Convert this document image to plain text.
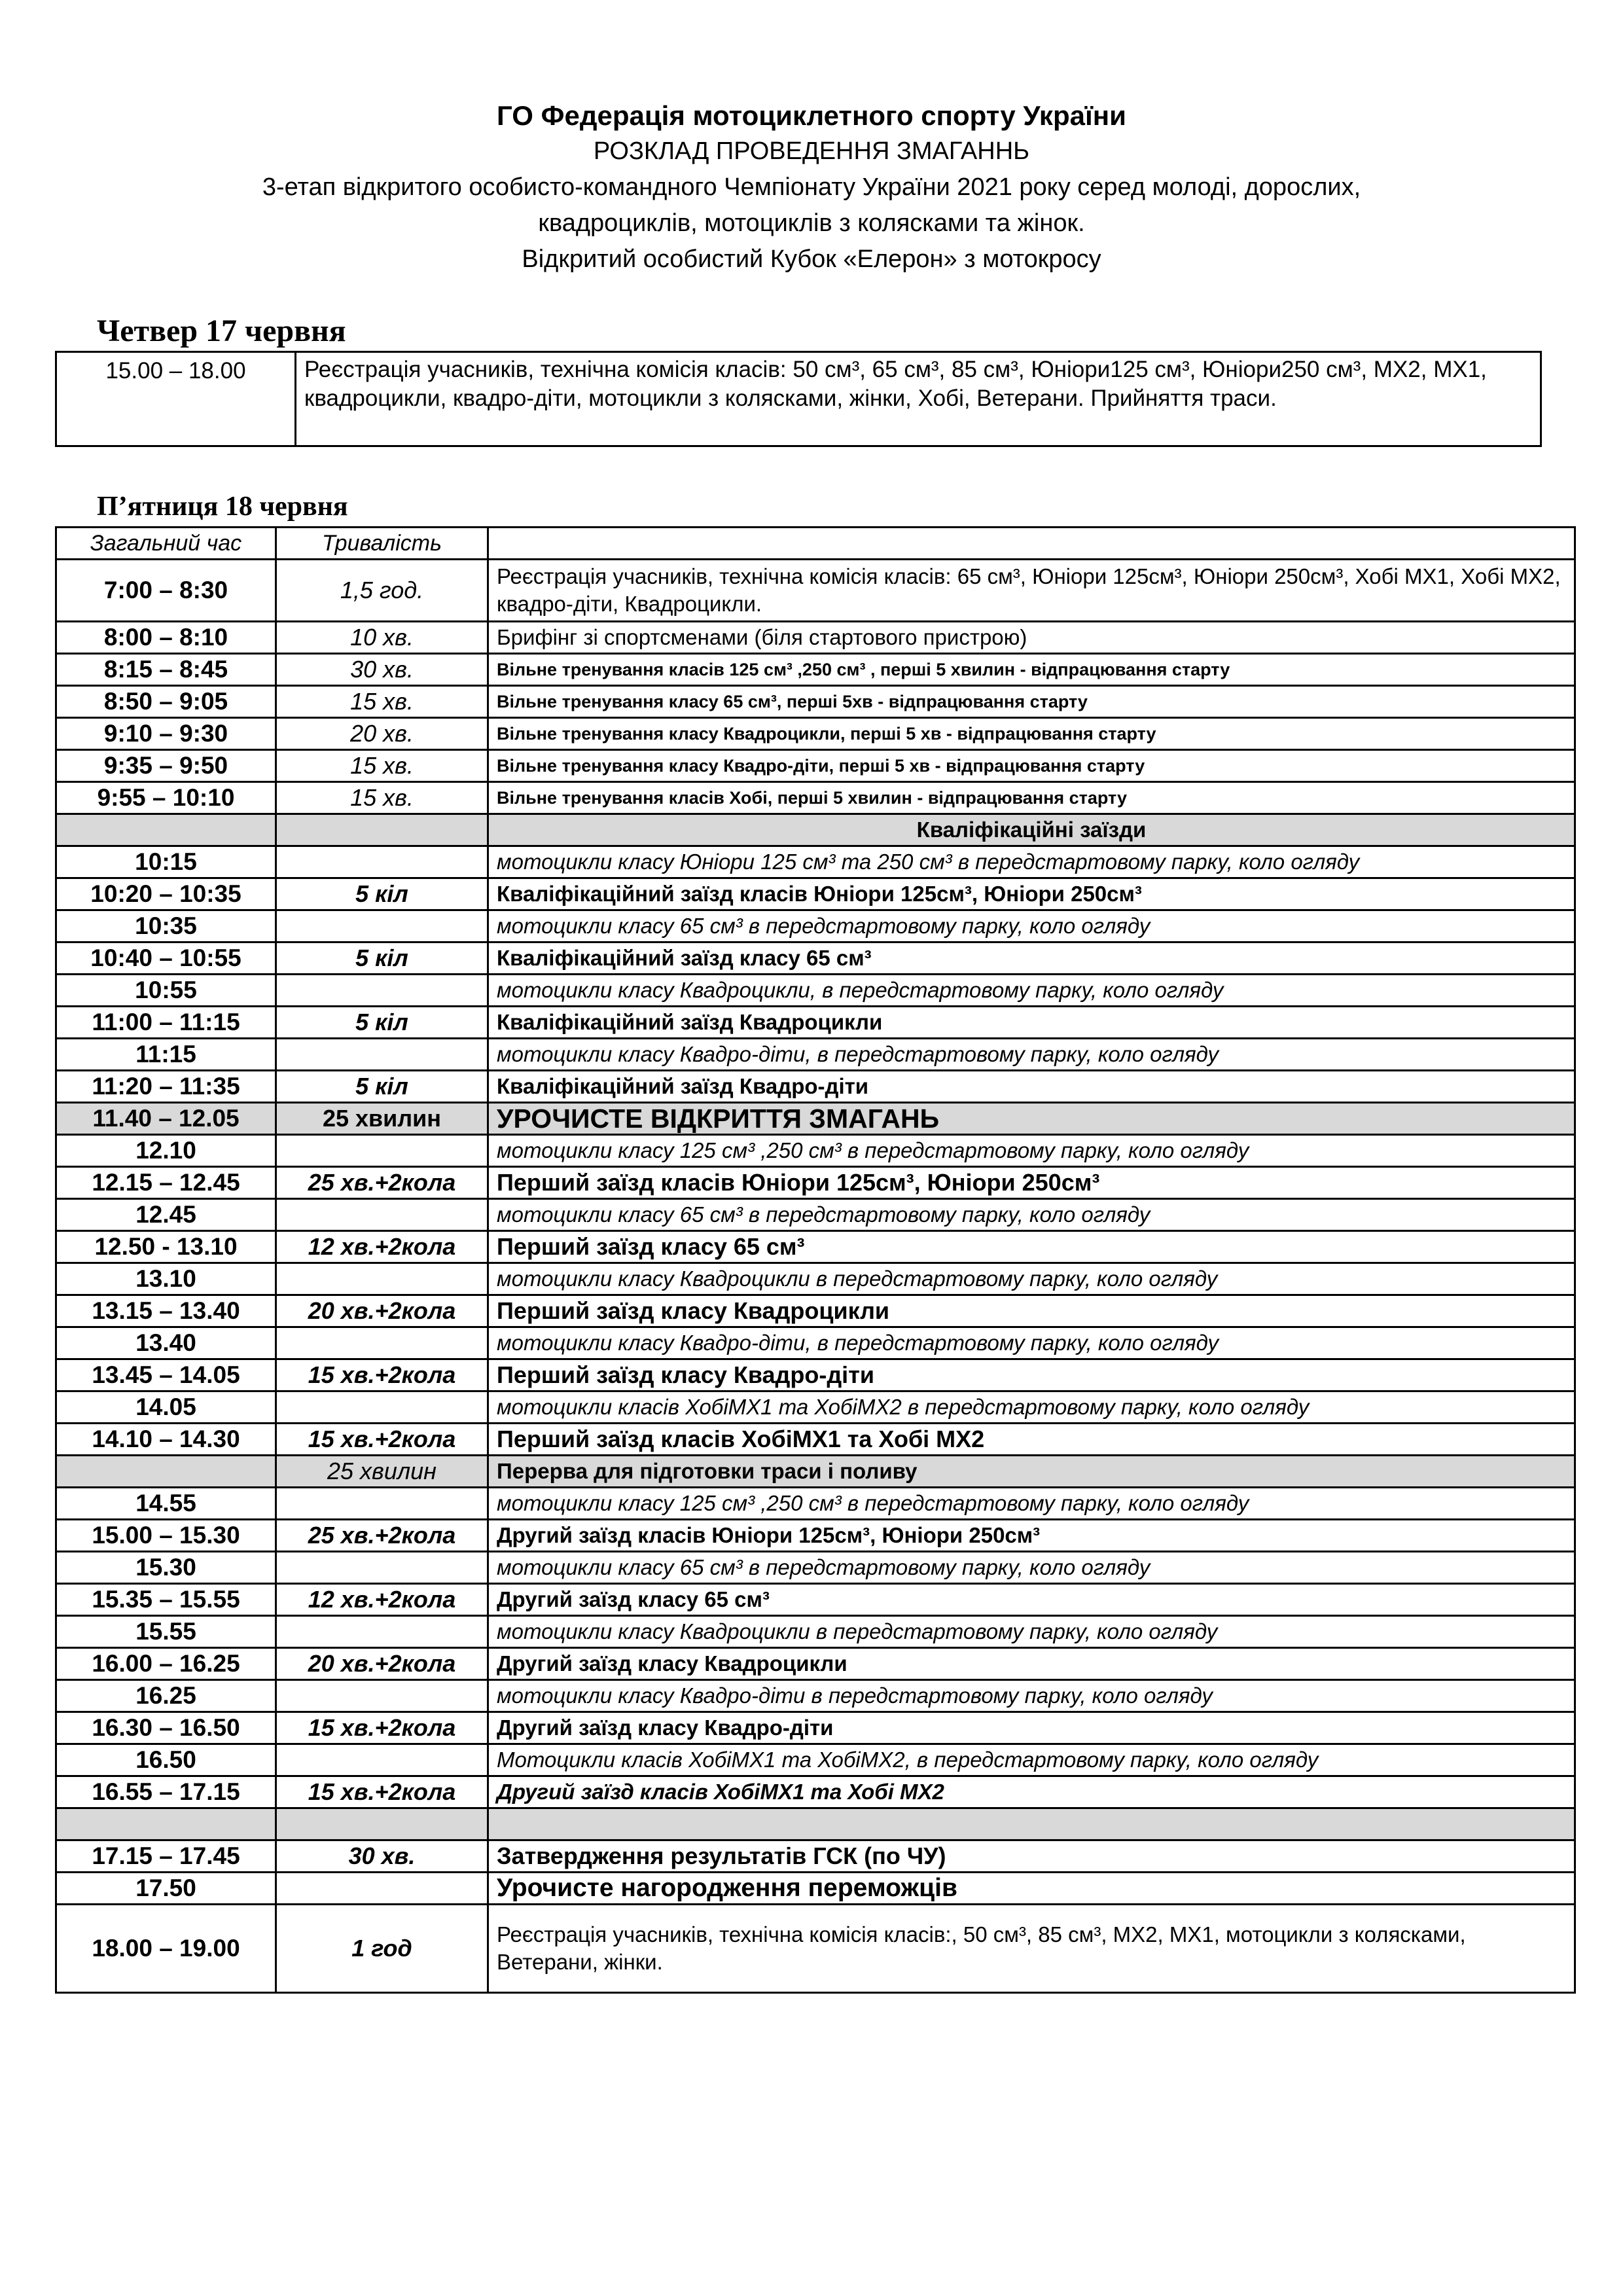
ГО Федерація мотоциклетного спорту України
РОЗКЛАД ПРОВЕДЕННЯ ЗМАГАННЬ
3-етап відкритого особисто-командного Чемпіонату України 2021 року серед молоді, дорослих,
квадроциклів, мотоциклів з колясками та жінок.
Відкритий особистий Кубок «Елерон» з мотокросу
Четвер 17 червня
15.00 – 18.00	Реєстрація учасників, технічна комісія класів: 50 см³, 65 см³, 85 см³, Юніори125 см³, Юніори250 см³, МХ2, МХ1, квадроцикли, квадро-діти, мотоцикли з колясками, жінки, Хобі, Ветерани. Прийняття траси.
П’ятниця 18 червня
Загальний час	Тривалість	
7:00 – 8:30	1,5 год.	Реєстрація учасників, технічна комісія класів: 65 см³, Юніори 125см³, Юніори 250см³, Хобі МХ1, Хобі МХ2, квадро-діти, Квадроцикли.
8:00 – 8:10	10 хв.	Брифінг зі спортсменами (біля стартового пристрою)
8:15 – 8:45	30 хв.	Вільне тренування класів 125 см³ ,250 см³ , перші 5 хвилин - відпрацювання старту
8:50 – 9:05	15 хв.	Вільне тренування класу 65 см³, перші 5хв - відпрацювання старту
9:10 – 9:30	20 хв.	Вільне тренування класу Квадроцикли, перші 5 хв - відпрацювання старту
9:35 – 9:50	15 хв.	Вільне тренування класу Квадро-діти, перші 5 хв - відпрацювання старту
9:55 – 10:10	15 хв.	Вільне тренування класів Хобі, перші 5 хвилин - відпрацювання старту
		Кваліфікаційні заїзди
10:15		мотоцикли класу Юніори 125 см³ та 250 см³ в передстартовому парку, коло огляду
10:20 – 10:35	5 кіл	Кваліфікаційний заїзд класів Юніори 125см³, Юніори 250см³
10:35		мотоцикли класу 65 см³ в передстартовому парку, коло огляду
10:40 – 10:55	5 кіл	Кваліфікаційний заїзд класу 65 см³
10:55		мотоцикли класу Квадроцикли, в передстартовому парку, коло огляду
11:00 – 11:15	5 кіл	Кваліфікаційний заїзд Квадроцикли
11:15		мотоцикли класу Квадро-діти, в передстартовому парку, коло огляду
11:20 – 11:35	5 кіл	Кваліфікаційний заїзд Квадро-діти
11.40 – 12.05	25 хвилин	УРОЧИСТЕ ВІДКРИТТЯ ЗМАГАНЬ
12.10		мотоцикли класу 125 см³ ,250 см³ в передстартовому парку, коло огляду
12.15 – 12.45	25 хв.+2кола	Перший заїзд класів Юніори 125см³, Юніори 250см³
12.45		мотоцикли класу 65 см³ в передстартовому парку, коло огляду
12.50 - 13.10	12 хв.+2кола	Перший заїзд класу 65 см³
13.10		мотоцикли класу Квадроцикли в передстартовому парку, коло огляду
13.15 – 13.40	20 хв.+2кола	Перший заїзд класу Квадроцикли
13.40		мотоцикли класу Квадро-діти, в передстартовому парку, коло огляду
13.45 – 14.05	15 хв.+2кола	Перший заїзд класу Квадро-діти
14.05		мотоцикли класів ХобіМХ1 та ХобіМХ2 в передстартовому парку, коло огляду
14.10 – 14.30	15 хв.+2кола	Перший заїзд класів ХобіМХ1 та Хобі МХ2
	25 хвилин	Перерва для підготовки траси і поливу
14.55		мотоцикли класу 125 см³ ,250 см³ в передстартовому парку, коло огляду
15.00 – 15.30	25 хв.+2кола	Другий заїзд класів Юніори 125см³, Юніори 250см³
15.30		мотоцикли класу 65 см³ в передстартовому парку, коло огляду
15.35 – 15.55	12 хв.+2кола	Другий заїзд класу 65 см³
15.55		мотоцикли класу Квадроцикли в передстартовому парку, коло огляду
16.00 – 16.25	20 хв.+2кола	Другий заїзд класу Квадроцикли
16.25		мотоцикли класу Квадро-діти в передстартовому парку, коло огляду
16.30 – 16.50	15 хв.+2кола	Другий заїзд класу Квадро-діти
16.50		Мотоцикли класів ХобіМХ1 та ХобіМХ2, в передстартовому парку, коло огляду
16.55 – 17.15	15 хв.+2кола	Другий заїзд класів ХобіМХ1 та Хобі МХ2

17.15 – 17.45	30 хв.	Затвердження результатів ГСК (по ЧУ)
17.50		Урочисте нагородження переможців
18.00 – 19.00	1 год	Реєстрація учасників, технічна комісія класів:, 50 см³, 85 см³, МХ2, МХ1, мотоцикли з колясками, Ветерани, жінки.
